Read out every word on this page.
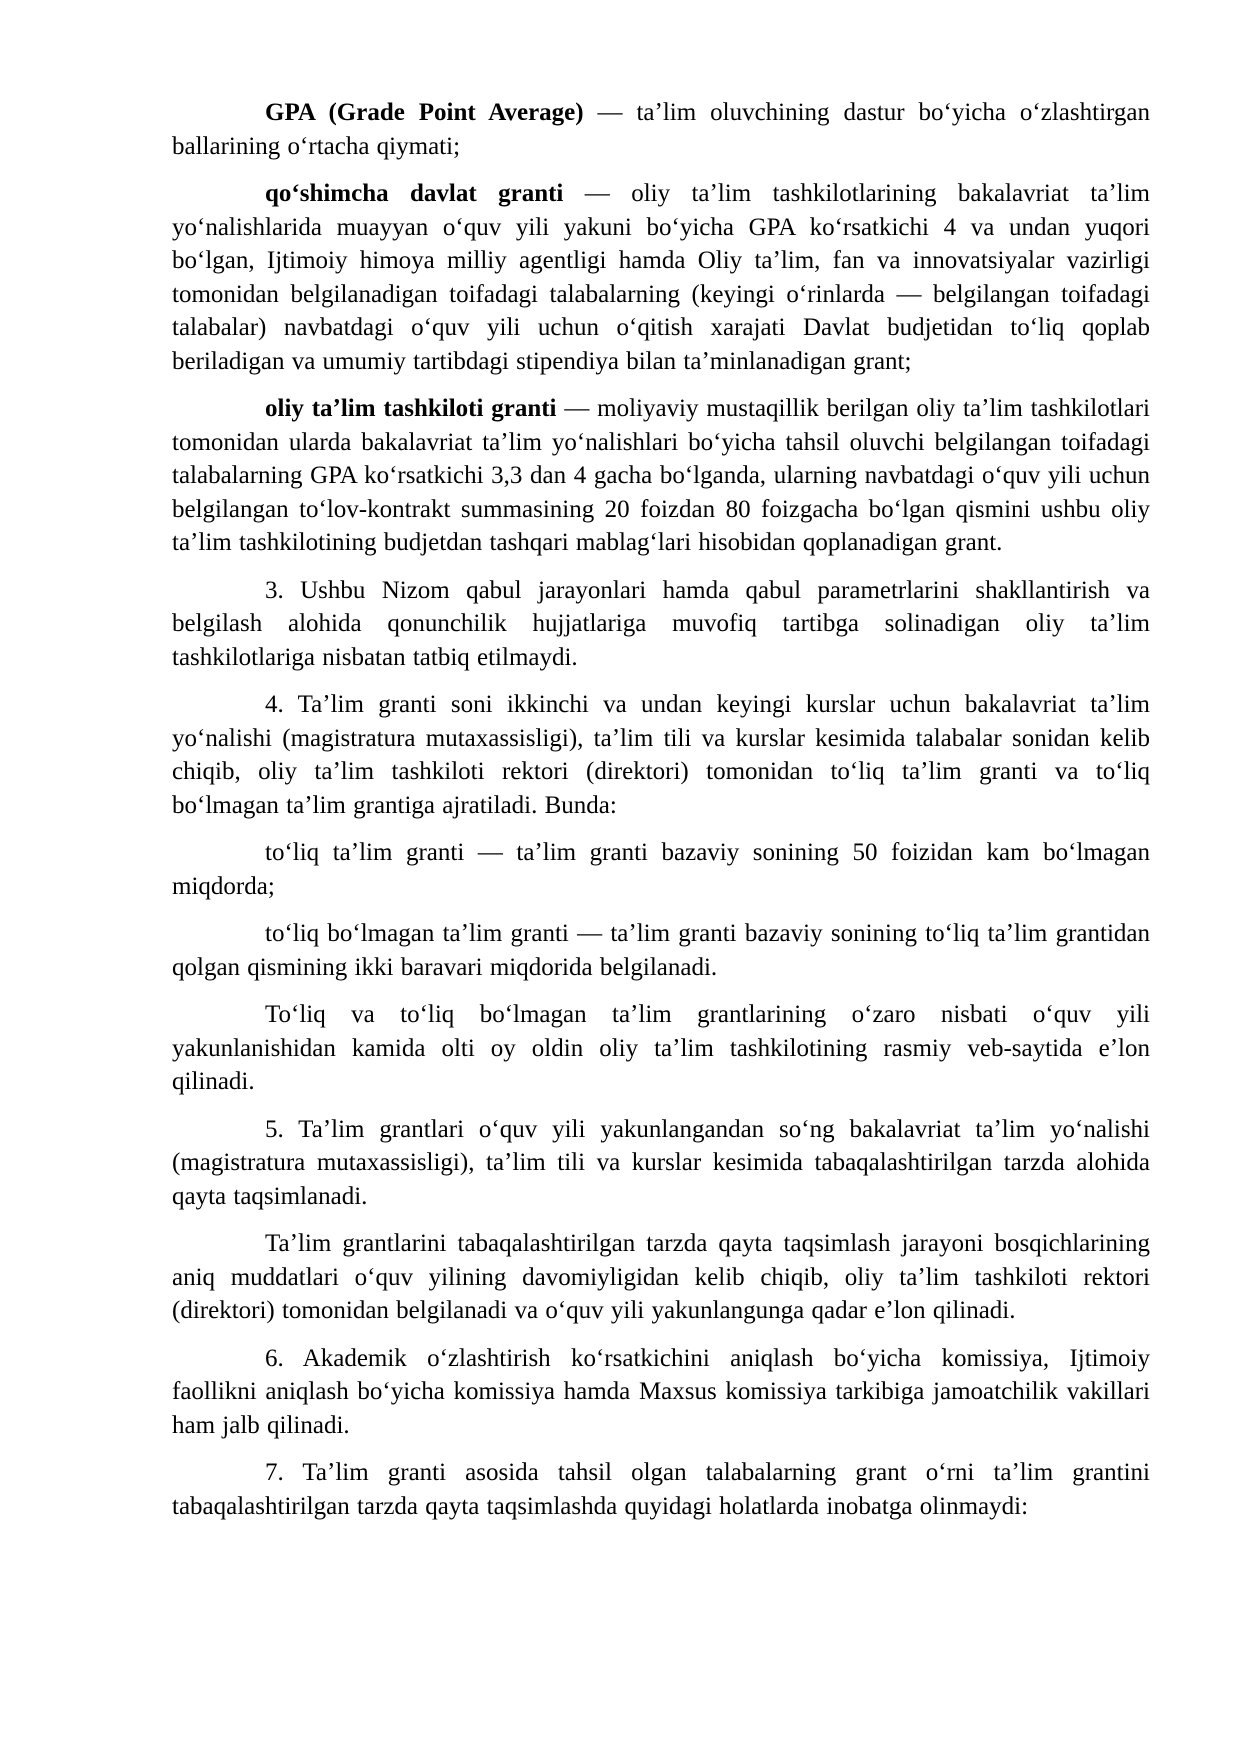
GPA (Grade Point Average) — taʼlim oluvchining dastur boʻyicha oʻzlashtirgan ballarining oʻrtacha qiymati;

qoʻshimcha davlat granti — oliy taʼlim tashkilotlarining bakalavriat taʼlim yoʻnalishlarida muayyan oʻquv yili yakuni boʻyicha GPA koʻrsatkichi 4 va undan yuqori boʻlgan, Ijtimoiy himoya milliy agentligi hamda Oliy taʼlim, fan va innovatsiyalar vazirligi tomonidan belgilanadigan toifadagi talabalarning (keyingi oʻrinlarda — belgilangan toifadagi talabalar) navbatdagi oʻquv yili uchun oʻqitish xarajati Davlat budjetidan toʻliq qoplab beriladigan va umumiy tartibdagi stipendiya bilan taʼminlanadigan grant;

oliy taʼlim tashkiloti granti — moliyaviy mustaqillik berilgan oliy taʼlim tashkilotlari tomonidan ularda bakalavriat taʼlim yoʻnalishlari boʻyicha tahsil oluvchi belgilangan toifadagi talabalarning GPA koʻrsatkichi 3,3 dan 4 gacha boʻlganda, ularning navbatdagi oʻquv yili uchun belgilangan toʻlov-kontrakt summasining 20 foizdan 80 foizgacha boʻlgan qismini ushbu oliy taʼlim tashkilotining budjetdan tashqari mablagʻlari hisobidan qoplanadigan grant.

3. Ushbu Nizom qabul jarayonlari hamda qabul parametrlarini shakllantirish va belgilash alohida qonunchilik hujjatlariga muvofiq tartibga solinadigan oliy taʼlim tashkilotlariga nisbatan tatbiq etilmaydi.

4. Taʼlim granti soni ikkinchi va undan keyingi kurslar uchun bakalavriat taʼlim yoʻnalishi (magistratura mutaxassisligi), taʼlim tili va kurslar kesimida talabalar sonidan kelib chiqib, oliy taʼlim tashkiloti rektori (direktori) tomonidan toʻliq taʼlim granti va toʻliq boʻlmagan taʼlim grantiga ajratiladi. Bunda:

toʻliq taʼlim granti — taʼlim granti bazaviy sonining 50 foizidan kam boʻlmagan miqdorda;

toʻliq boʻlmagan taʼlim granti — taʼlim granti bazaviy sonining toʻliq taʼlim grantidan qolgan qismining ikki baravari miqdorida belgilanadi.

Toʻliq va toʻliq boʻlmagan taʼlim grantlarining oʻzaro nisbati oʻquv yili yakunlanishidan kamida olti oy oldin oliy taʼlim tashkilotining rasmiy veb-saytida eʼlon qilinadi.

5. Taʼlim grantlari oʻquv yili yakunlangandan soʻng bakalavriat taʼlim yoʻnalishi (magistratura mutaxassisligi), taʼlim tili va kurslar kesimida tabaqalashtirilgan tarzda alohida qayta taqsimlanadi.

Taʼlim grantlarini tabaqalashtirilgan tarzda qayta taqsimlash jarayoni bosqichlarining aniq muddatlari oʻquv yilining davomiyligidan kelib chiqib, oliy taʼlim tashkiloti rektori (direktori) tomonidan belgilanadi va oʻquv yili yakunlangunga qadar eʼlon qilinadi.

6. Akademik oʻzlashtirish koʻrsatkichini aniqlash boʻyicha komissiya, Ijtimoiy faollikni aniqlash boʻyicha komissiya hamda Maxsus komissiya tarkibiga jamoatchilik vakillari ham jalb qilinadi.

7. Taʼlim granti asosida tahsil olgan talabalarning grant oʻrni taʼlim grantini tabaqalashtirilgan tarzda qayta taqsimlashda quyidagi holatlarda inobatga olinmaydi:
